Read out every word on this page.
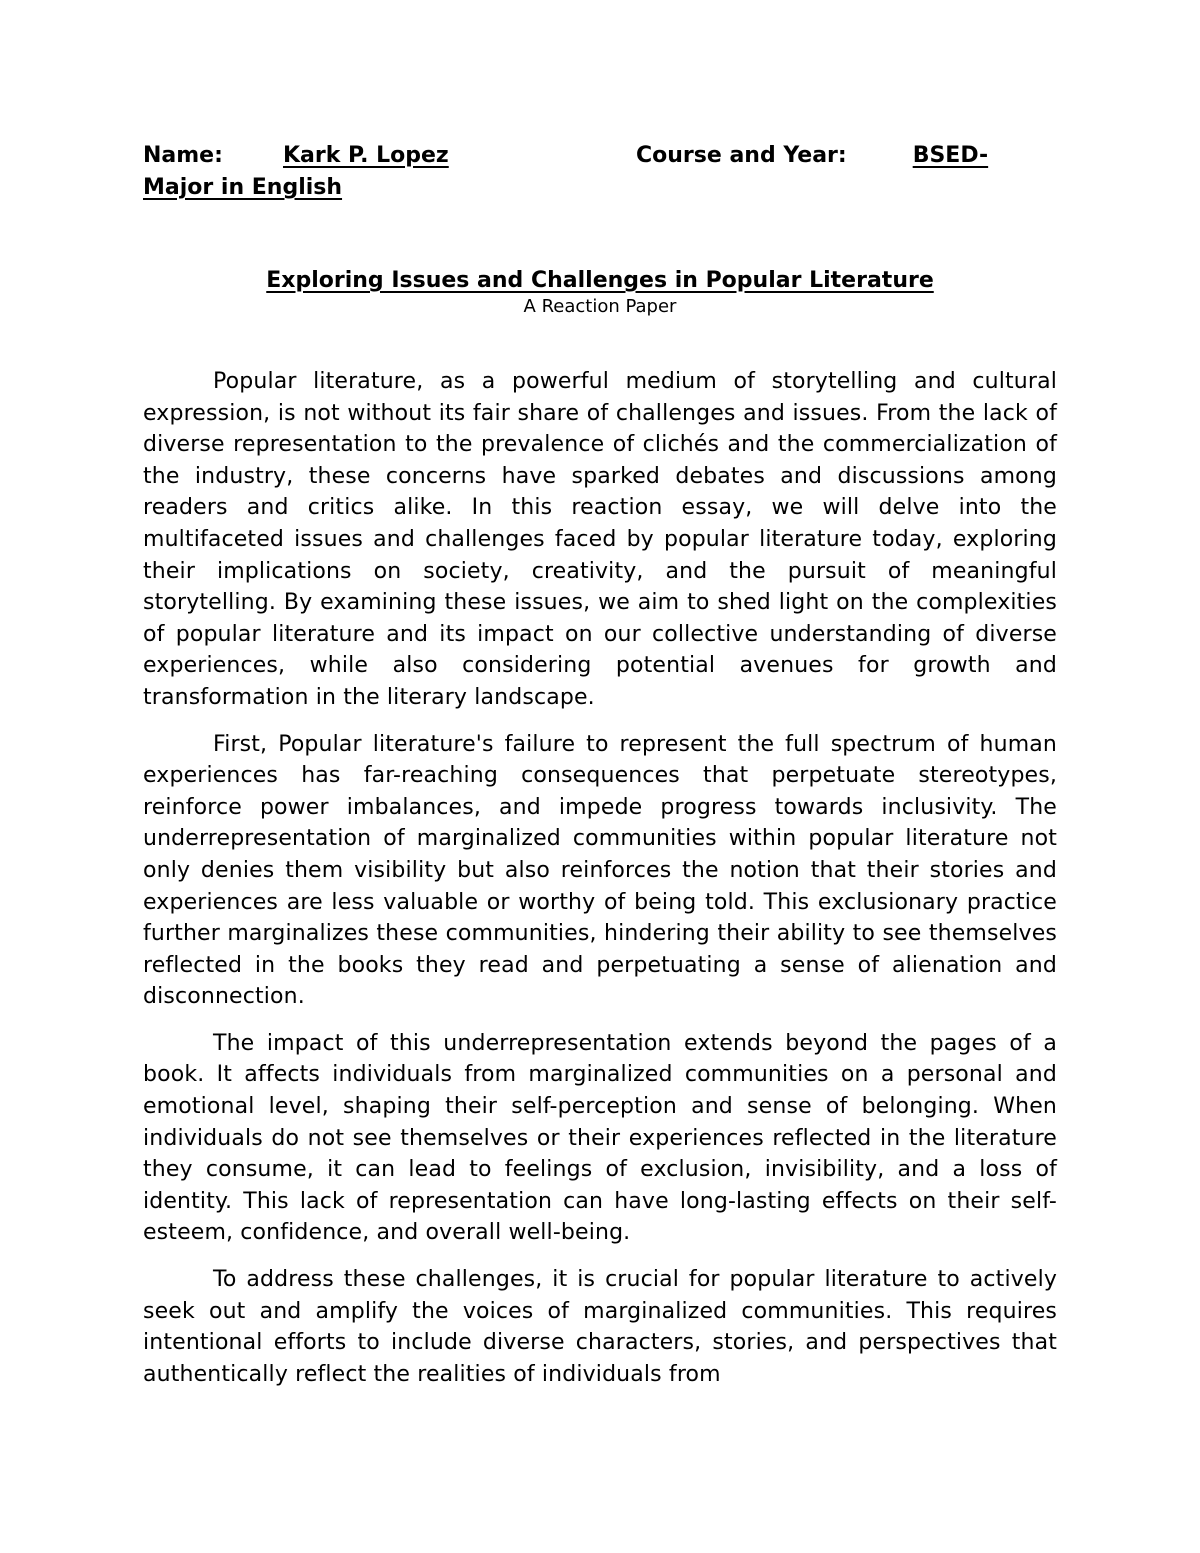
Name:	Kark P. Lopez	Course and Year:	BSED-
Major in English
Exploring Issues and Challenges in Popular Literature
A Reaction Paper

Popular literature, as a powerful medium of storytelling and cultural expression, is not without its fair share of challenges and issues. From the lack of diverse representation to the prevalence of clichés and the commercialization of the industry, these concerns have sparked debates and discussions among readers and critics alike. In this reaction essay, we will delve into the multifaceted issues and challenges faced by popular literature today, exploring their implications on society, creativity, and the pursuit of meaningful storytelling. By examining these issues, we aim to shed light on the complexities of popular literature and its impact on our collective understanding of diverse experiences, while also considering potential avenues for growth and transformation in the literary landscape.

First, Popular literature's failure to represent the full spectrum of human experiences has far-reaching consequences that perpetuate stereotypes, reinforce power imbalances, and impede progress towards inclusivity. The underrepresentation of marginalized communities within popular literature not only denies them visibility but also reinforces the notion that their stories and experiences are less valuable or worthy of being told. This exclusionary practice further marginalizes these communities, hindering their ability to see themselves reflected in the books they read and perpetuating a sense of alienation and disconnection.

The impact of this underrepresentation extends beyond the pages of a book. It affects individuals from marginalized communities on a personal and emotional level, shaping their self-perception and sense of belonging. When individuals do not see themselves or their experiences reflected in the literature they consume, it can lead to feelings of exclusion, invisibility, and a loss of identity. This lack of representation can have long-lasting effects on their self-esteem, confidence, and overall well-being.

To address these challenges, it is crucial for popular literature to actively seek out and amplify the voices of marginalized communities. This requires intentional efforts to include diverse characters, stories, and perspectives that authentically reflect the realities of individuals from
